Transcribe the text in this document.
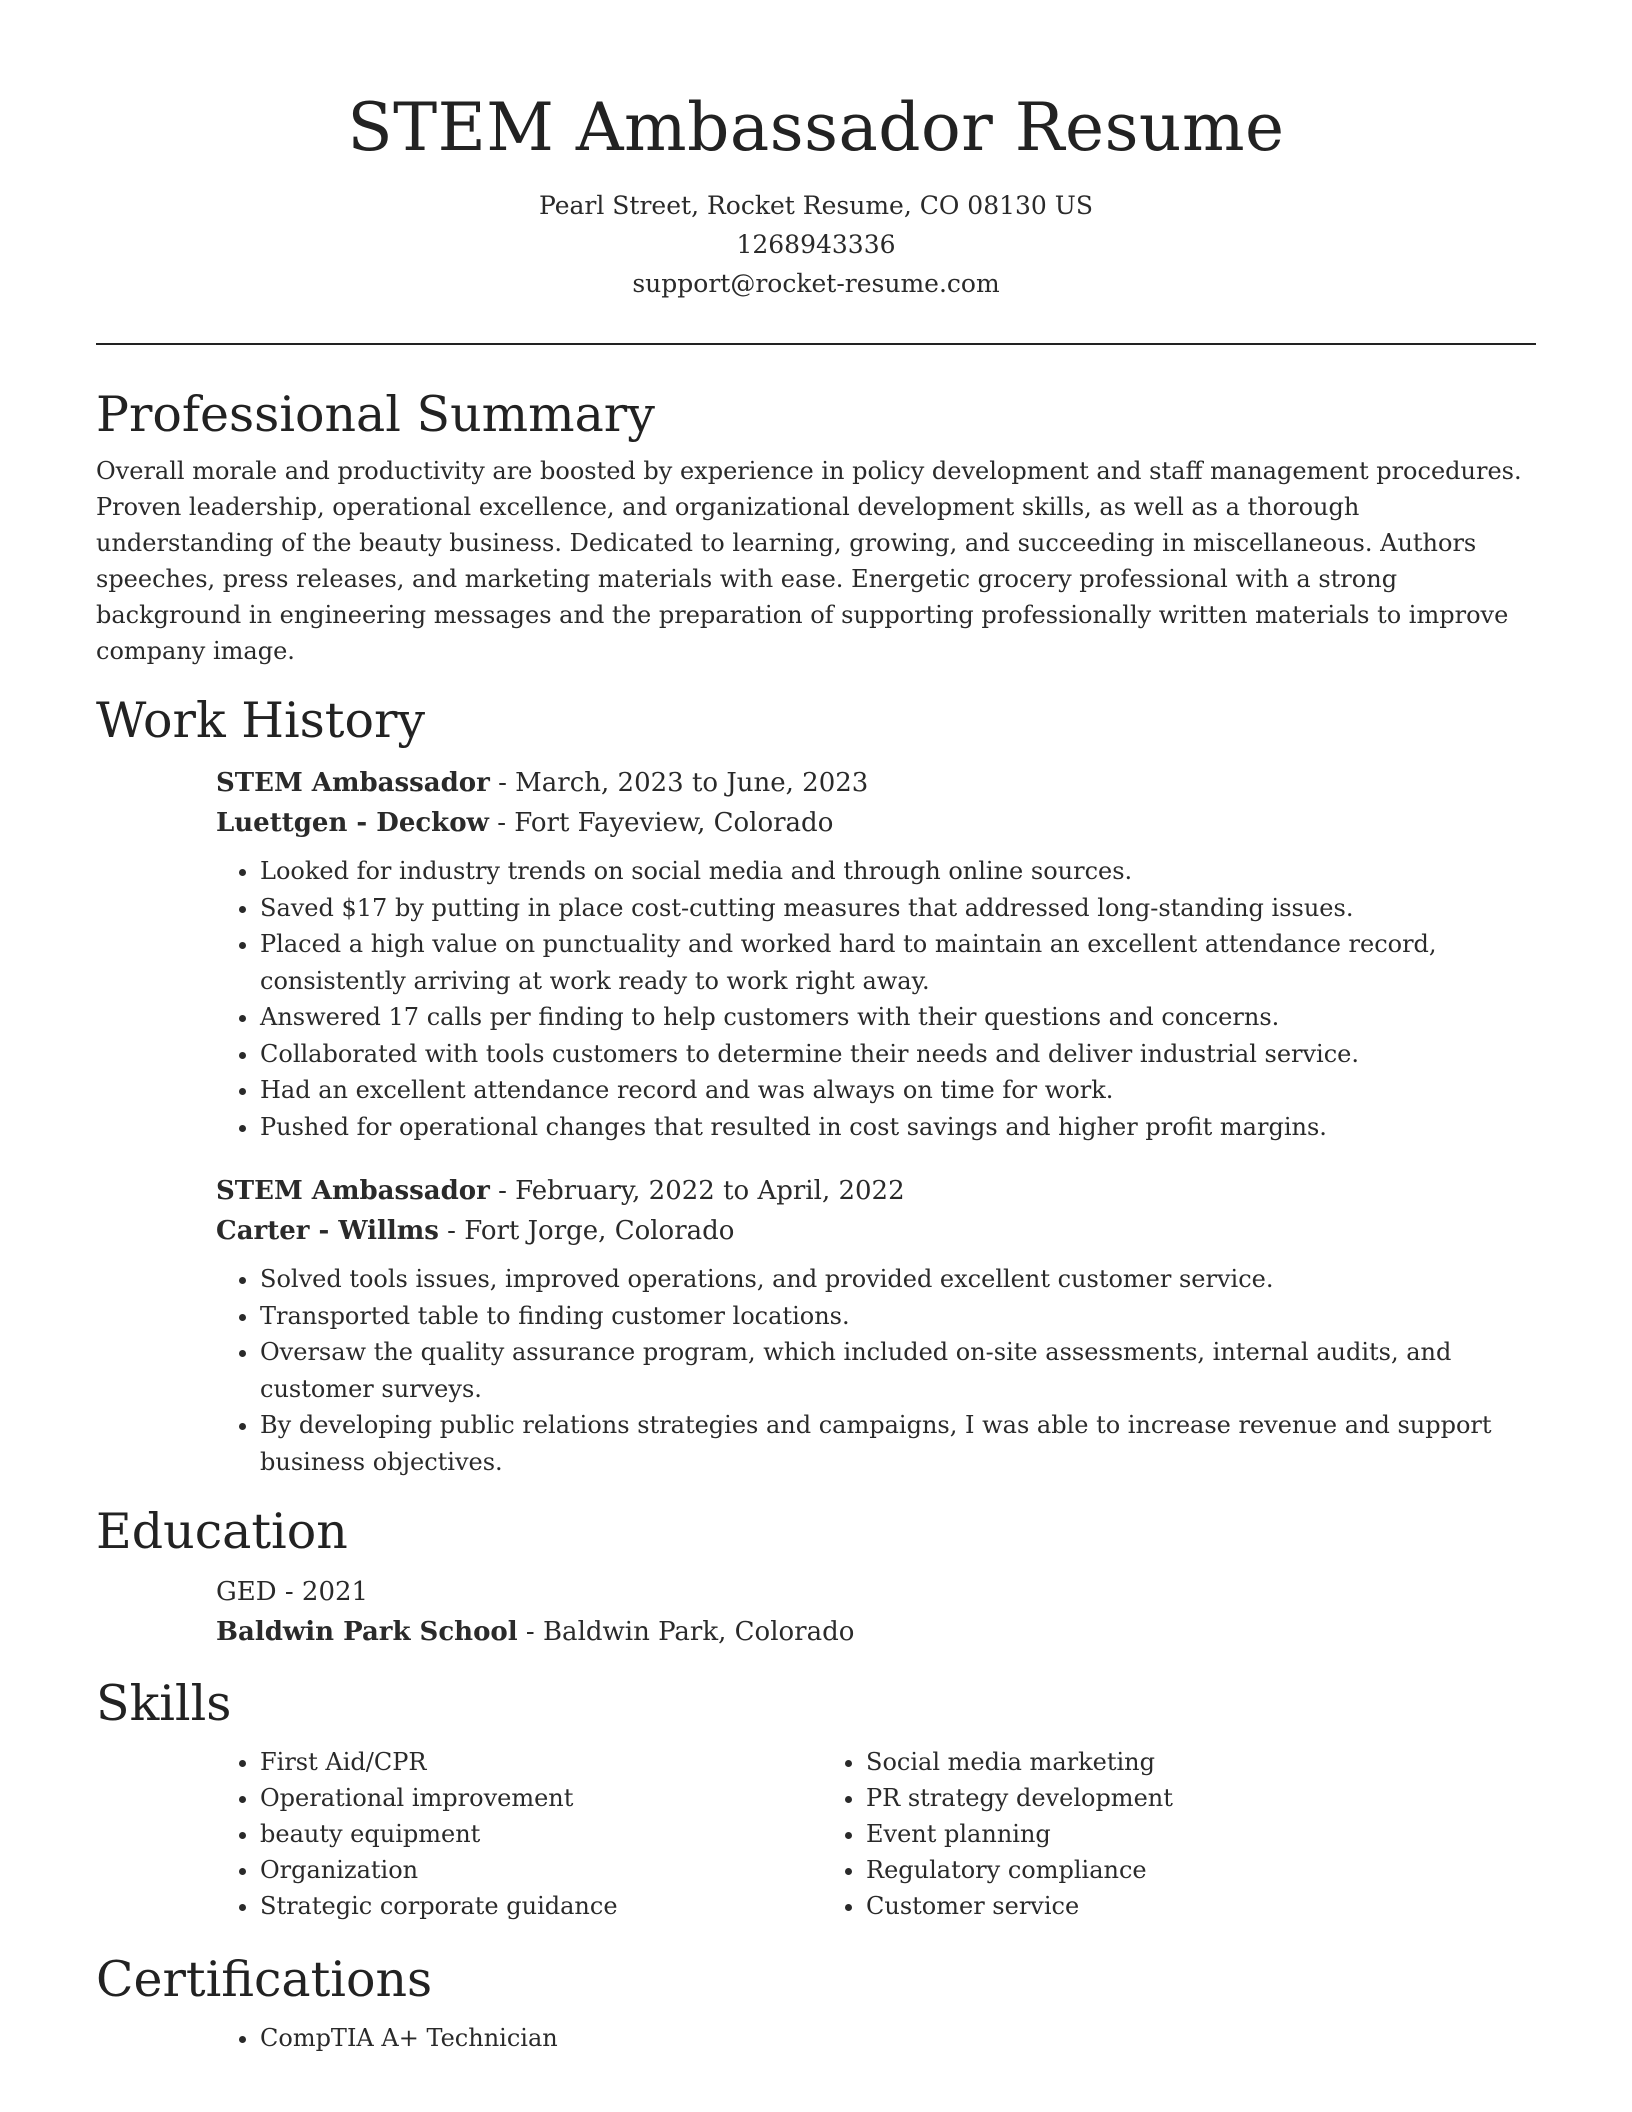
STEM Ambassador Resume
Pearl Street, Rocket Resume, CO 08130 US
1268943336
support@rocket-resume.com
Professional Summary

Overall morale and productivity are boosted by experience in policy development and staff management procedures. Proven leadership, operational excellence, and organizational development skills, as well as a thorough understanding of the beauty business. Dedicated to learning, growing, and succeeding in miscellaneous. Authors speeches, press releases, and marketing materials with ease. Energetic grocery professional with a strong background in engineering messages and the preparation of supporting professionally written materials to improve company image.

Work History
STEM Ambassador - March, 2023 to June, 2023
Luettgen - Deckow - Fort Fayeview, Colorado
• Looked for industry trends on social media and through online sources.
• Saved $17 by putting in place cost-cutting measures that addressed long-standing issues.
• Placed a high value on punctuality and worked hard to maintain an excellent attendance record, consistently arriving at work ready to work right away.
• Answered 17 calls per finding to help customers with their questions and concerns.
• Collaborated with tools customers to determine their needs and deliver industrial service.
• Had an excellent attendance record and was always on time for work.
• Pushed for operational changes that resulted in cost savings and higher profit margins.
STEM Ambassador - February, 2022 to April, 2022
Carter - Willms - Fort Jorge, Colorado
• Solved tools issues, improved operations, and provided excellent customer service.
• Transported table to finding customer locations.
• Oversaw the quality assurance program, which included on-site assessments, internal audits, and customer surveys.
• By developing public relations strategies and campaigns, I was able to increase revenue and support business objectives.
Education
GED - 2021
Baldwin Park School - Baldwin Park, Colorado
Skills
• First Aid/CPR
• Operational improvement
• beauty equipment
• Organization
• Strategic corporate guidance
• Social media marketing
• PR strategy development
• Event planning
• Regulatory compliance
• Customer service
Certifications
• CompTIA A+ Technician
